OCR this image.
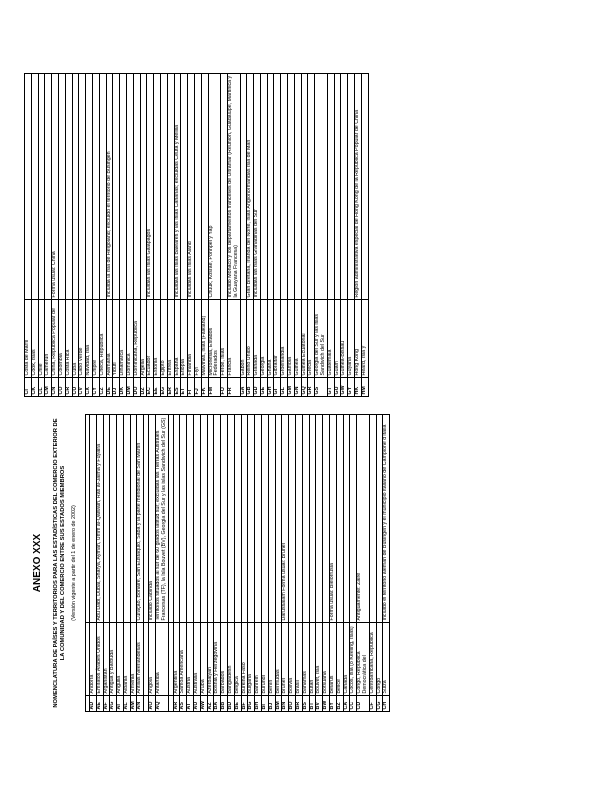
ANEXO XXX NOMENCLATURA DE PAÍSES Y TERRITORIOS PARA LAS ESTADÍSTICAS DEL COMERCIO EXTERIOR DE LA COMUNIDAD Y DEL COMERCIO ENTRE SUS ESTADOS MIEMBROS (Versión vigente a partir del 1 de enero de 2002)

AD	Andorra	
AE	Emiratos Árabes Unidos	Abu Dabi, Dubai, Sharya, Aymán, Umm al-Qaiwain, Ras al-Jaima y Fuyaira
AF	Afganistán	
AG	Antigua y Barbuda	
AI	Anguila	
AL	Albania	
AM	Armenia	
AN	Antillas Neerlandesas	Curaçao, Bonaire, San Eustaquio, Saba y la parte meridional de San Martín

AO	Angola	Incluido Cabinda
AQ	Antártida	Territorios situados al sur de 60 grados latitud sur; excluidas las Tierras Australes Francesas (TF), la Isla Bouvet (BV), Georgia del Sur y las islas Sandwich del Sur (GS)

AR	Argentina	
AS	Samoa Americana	
AT	Austria	
AU	Australia	
AW	Aruba	
AZ	Azerbaiyán	
BA	Bosnia y Herzegovina	
BB	Barbados	
BD	Bangladesh	
BE	Bélgica	
BF	Burkina Faso	
BG	Bulgaria	
BH	Bahréin	
BI	Burundi	
BJ	Benín	
BM	Bermudas	
BN	Brunéi	Darussalam Forma usual: Brunéi
BO	Bolivia	
BR	Brasil	
BS	Bahamas	
BT	Bután	
BV	Bouvet, Isla	
BW	Botsuana	
BY	Belarús	Forma usual: Bielorrusia
BZ	Belice	
CA	Canadá	
CC	Cocos, Isla (o Keeling, Islas)	
CD	Congo, República Democrática del	Antiguamente: Zaire
CF	Centroafricana, República	
CG	Congo	
CH	Suiza	Incluido el territorio alemán de Büsingen y el municipio italiano de Campione d'Italia
CI	Costa de Marfil	
CK	Cook, Islas	
CL	Chile	
CM	Camerún	
CN	China, República Popular de	Forma usual: China
CO	Colombia	
CR	Costa Rica	
CU	Cuba	
CV	Cabo Verde	
CX	Navidad, Isla	
CY	Chipre	
CZ	Checa, República	
DE	Alemania	Incluida la Isla de Helgoland; excluido el territorio de Büsingen
DJ	Yibuti	
DK	Dinamarca	
DM	Dominica	
DO	Dominicana, República	
DZ	Argelia	
EC	Ecuador	Incluidas las Islas Galápagos
EE	Estonia	
EG	Egipto	
ER	Eritrea	
ES	España	Incluidas las Islas Baleares y las Islas Canarias; excluidas Ceuta y Melilla
ET	Etiopía	
FI	Finlandia	Incluidas las Islas Aland
FJ	Fiyi	
FK	Malvinas, Islas (Falkland)	
FM	Micronesia, Estados Federados	Chuuk, Kosrae, Pohnpei y Yap
FO	Feroe, Islas	
FR	Francia	Incluido Mónaco y los departamentos franceses de Ultramar (Reunión, Guadalupe, Martinica y la Guayana Francesa)
GA	Gabón	
GB	Reino Unido	Gran Bretaña, Irlanda del Norte, Islas Anglonormandas Isla de Man
GD	Granada	Incluidas las islas Granadinas del Sur
GE	Georgia	
GH	Ghana	
GI	Gibraltar	
GL	Groenlandia	
GM	Gambia	
GN	Guinea	
GQ	Guinea Ecuatorial	
GR	Grecia	
GS	Georgia del Sur y las islas Sandwich del Sur	
GT	Guatemala	
GU	Guam	
GW	Guinea-Bissau	
GY	Guyana	
HK	Hong Kong	Región administrativa especial de Hong Kong de la República Popular de China
HM	Heard, Isla y	
